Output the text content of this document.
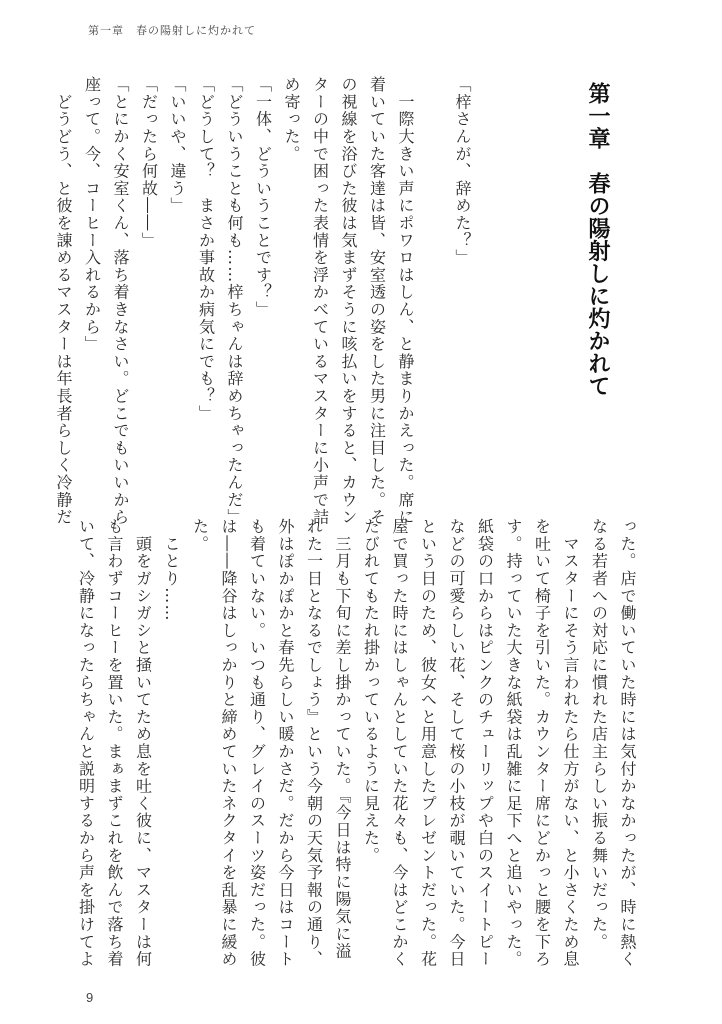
第一章　春の陽射しに灼かれて
第一章　春の陽射しに灼かれて
「梓さんが、辞めた？」
　一際大きい声にポワロはしん、と静まりかえった。席に
着いていた客達は皆、安室透の姿をした男に注目した。そ
の視線を浴びた彼は気まずそうに咳払いをすると、カウン
ターの中で困った表情を浮かべているマスターに小声で詰
め寄った。
「一体、どういうことです？」
「どういうことも何も……梓ちゃんは辞めちゃったんだ」
「どうして？　まさか事故か病気にでも？」
「いいや、違う」
「だったら何故――」
「とにかく安室くん、落ち着きなさい。どこでもいいから
座って。今、コーヒー入れるから」
　どうどう、と彼を諌めるマスターは年長者らしく冷静だ
った。店で働いていた時には気付かなかったが、時に熱く
なる若者への対応に慣れた店主らしい振る舞いだった。
　マスターにそう言われたら仕方がない、と小さくため息
を吐いて椅子を引いた。カウンター席にどかっと腰を下ろ
す。持っていた大きな紙袋は乱雑に足下へと追いやった。
紙袋の口からはピンクのチューリップや白のスイートピー
などの可愛らしい花、そして桜の小枝が覗いていた。今日
という日のため、彼女へと用意したプレゼントだった。花
屋で買った時にはしゃんとしていた花々も、今はどこかく
たびれてもたれ掛かっているように見えた。
　三月も下旬に差し掛かっていた。『今日は特に陽気に溢
れた一日となるでしょう』という今朝の天気予報の通り、
外はぽかぽかと春先らしい暖かさだ。だから今日はコート
も着ていない。いつも通り、グレイのスーツ姿だった。彼
は――降谷はしっかりと締めていたネクタイを乱暴に緩め
た。
　ことり……
　頭をガシガシと掻いてため息を吐く彼に、マスターは何
も言わずコーヒーを置いた。まぁまずこれを飲んで落ち着
いて、冷静になったらちゃんと説明するから声を掛けてよ
9
